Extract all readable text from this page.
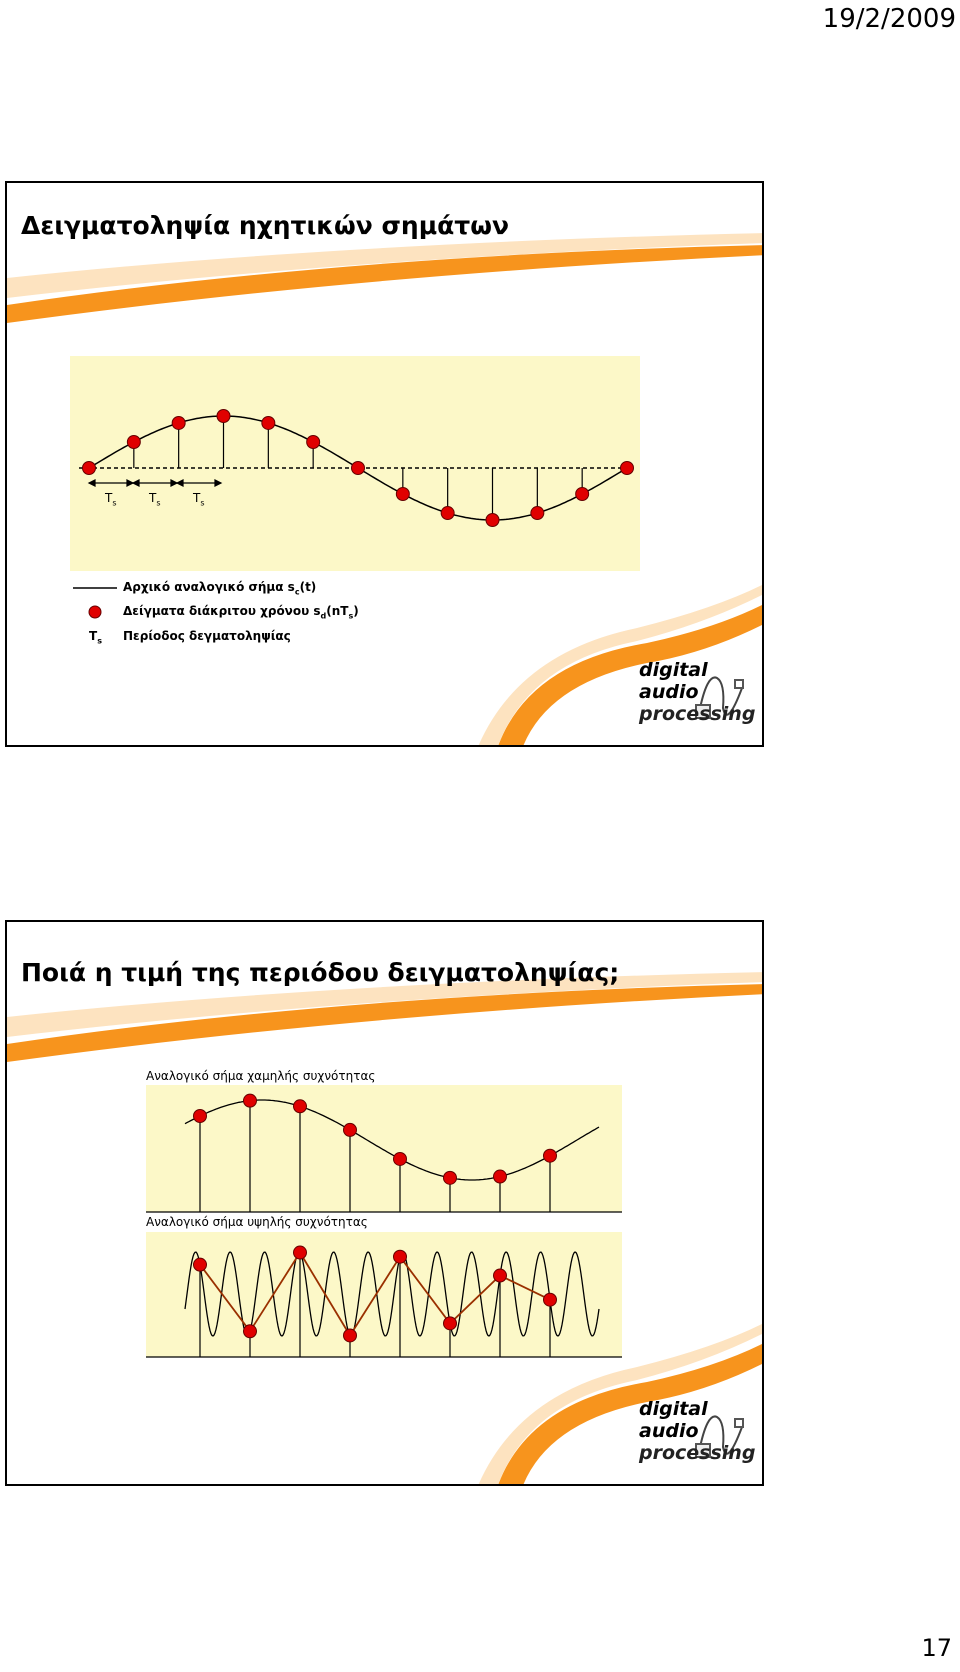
19/2/2009
Δειγματοληψία ηχητικών σημάτων
$T_s$	$T_s$	$T_s$
Αρχικό αναλογικό σήμα $s_c(t)$
Δείγματα διάκριτου χρόνου $s_d(nT_s)$
$T_s$ Περίοδος δεγματοληψίας
digital
audio
processing
Ποιά η τιμή της περιόδου δειγματοληψίας;
Αναλογικό σήμα χαμηλής συχνότητας
Αναλογικό σήμα υψηλής συχνότητας
digital
audio
processing
17
